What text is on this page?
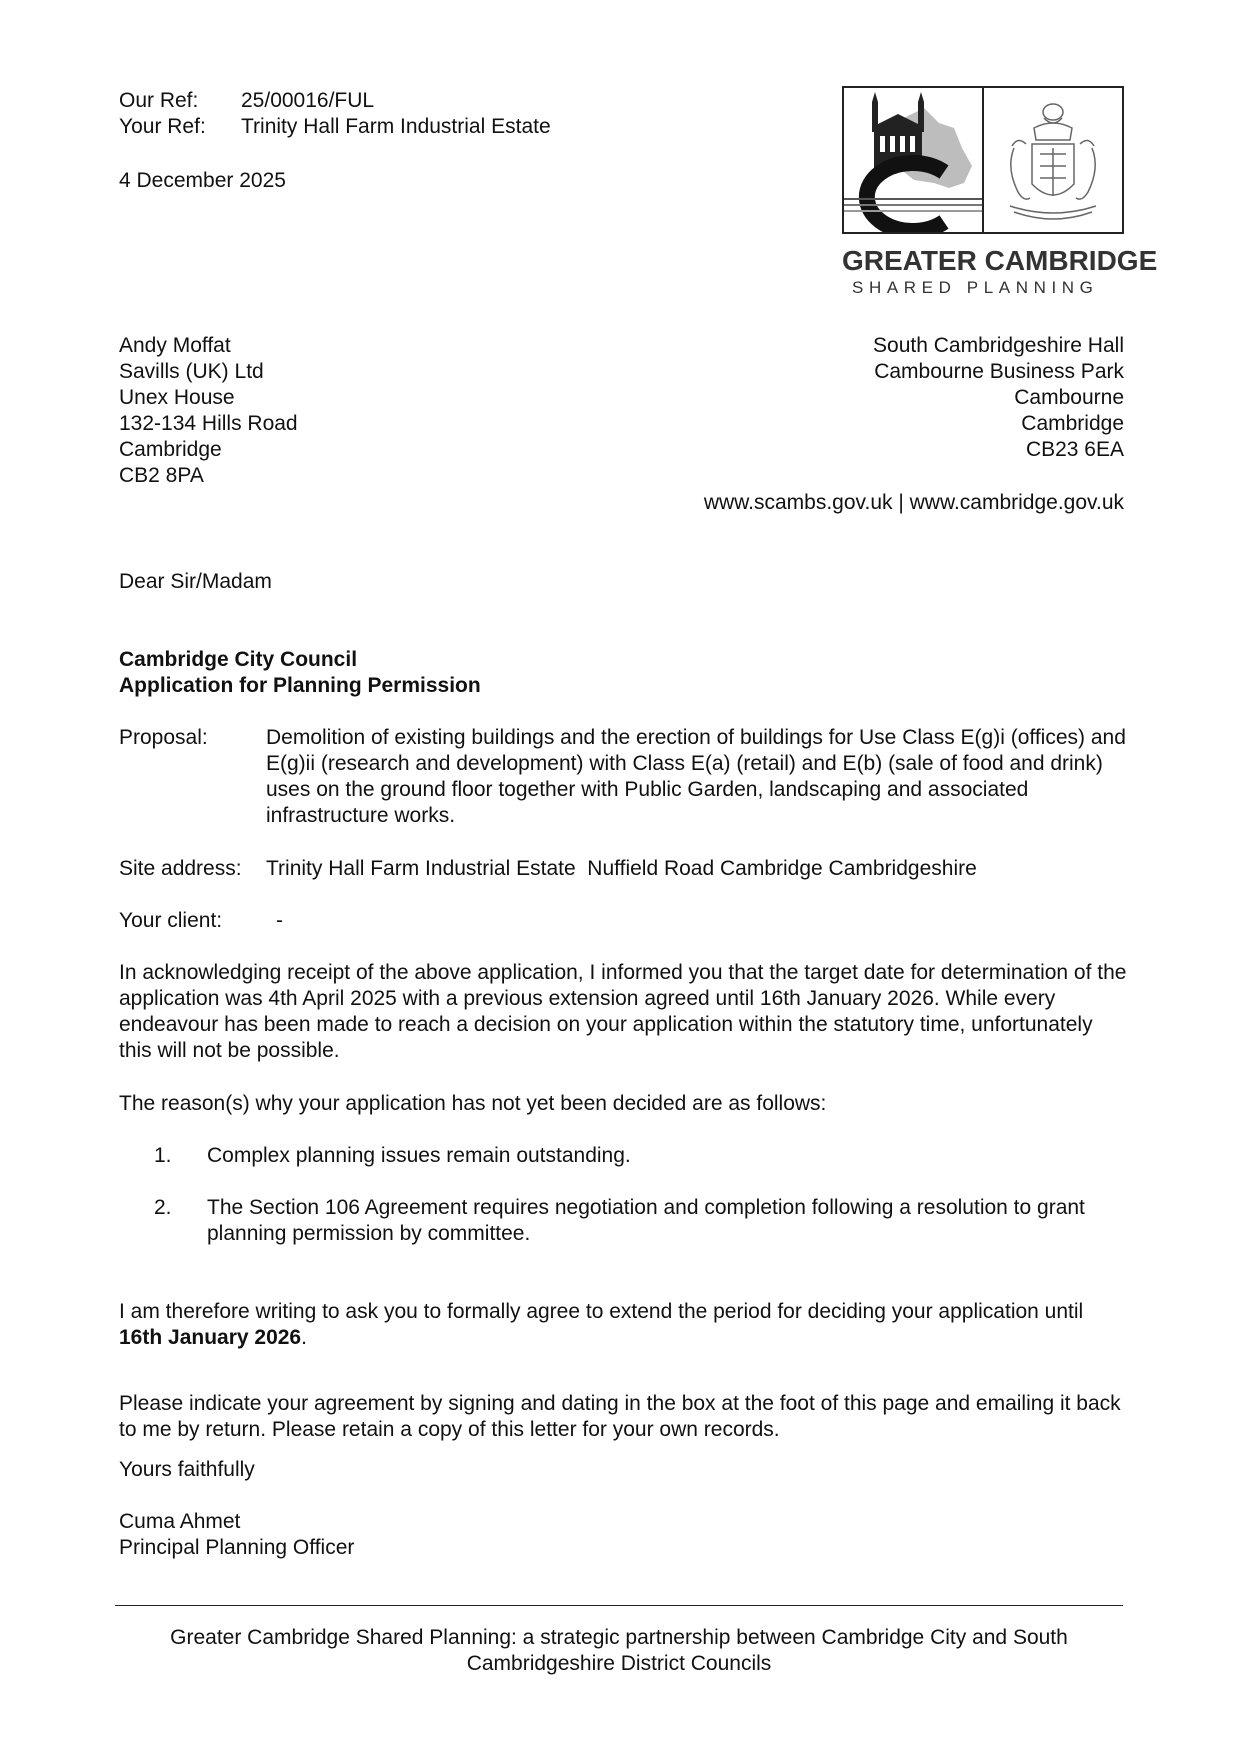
Our Ref:	25/00016/FUL
Your Ref:	Trinity Hall Farm Industrial Estate
4 December 2025
GREATER CAMBRIDGE
SHARED PLANNING
Andy Moffat
Savills (UK) Ltd
Unex House
132-134 Hills Road
Cambridge
CB2 8PA
South Cambridgeshire Hall
Cambourne Business Park
Cambourne
Cambridge
CB23 6EA
www.scambs.gov.uk | www.cambridge.gov.uk
Dear Sir/Madam
Cambridge City Council
Application for Planning Permission
Proposal:	Demolition of existing buildings and the erection of buildings for Use Class E(g)i (offices) and E(g)ii (research and development) with Class E(a) (retail) and E(b) (sale of food and drink) uses on the ground floor together with Public Garden, landscaping and associated infrastructure works.
Site address:	Trinity Hall Farm Industrial Estate  Nuffield Road Cambridge Cambridgeshire
Your client:	-
In acknowledging receipt of the above application, I informed you that the target date for determination of the application was 4th April 2025 with a previous extension agreed until 16th January 2026. While every endeavour has been made to reach a decision on your application within the statutory time, unfortunately this will not be possible.
The reason(s) why your application has not yet been decided are as follows:
1.	Complex planning issues remain outstanding.
2.	The Section 106 Agreement requires negotiation and completion following a resolution to grant planning permission by committee.
I am therefore writing to ask you to formally agree to extend the period for deciding your application until 16th January 2026.
Please indicate your agreement by signing and dating in the box at the foot of this page and emailing it back to me by return. Please retain a copy of this letter for your own records.
Yours faithfully
Cuma Ahmet
Principal Planning Officer
Greater Cambridge Shared Planning: a strategic partnership between Cambridge City and South Cambridgeshire District Councils
